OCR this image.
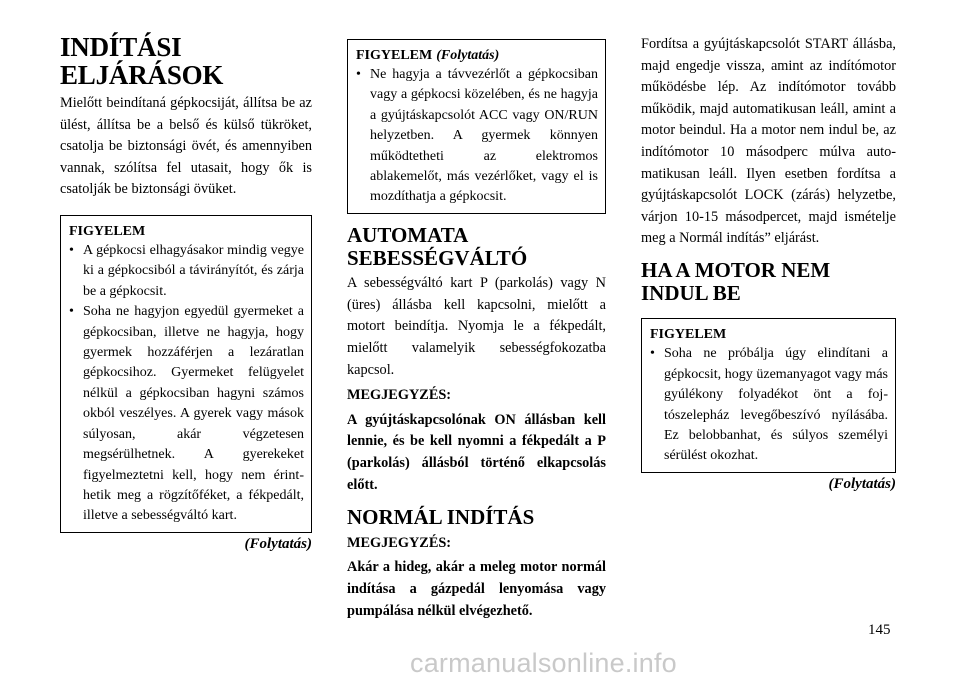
INDÍTÁSI ELJÁRÁSOK

Mielőtt beindítaná gépkocsiját, állítsa be az ülést, állítsa be a belső és külső tükröket, csatolja be biztonsági övét, és amennyiben vannak, szólítsa fel utasait, hogy ők is csatolják be biztonsági övüket.

FIGYELEM
• A gépkocsi elhagyásakor mindig vegye ki a gépkocsiból a távirányítót, és zárja be a gépkocsit.
• Soha ne hagyjon egyedül gyermeket a gépkocsiban, illetve ne hagyja, hogy gyermek hozzáférjen a lezáratlan gépkocsihoz. Gyermeket felügyelet nélkül a gépkocsiban hagyni számos okból veszélyes. A gyerek vagy mások súlyosan, akár végzetesen megsérülhetnek. A gyerekeket figyelmeztetni kell, hogy nem érinthetik meg a rögzítőféket, a fékpedált, illetve a sebességváltó kart.
(Folytatás)
FIGYELEM (Folytatás)
• Ne hagyja a távvezérlőt a gépkocsiban vagy a gépkocsi közelében, és ne hagyja a gyújtáskapcsolót ACC vagy ON/RUN helyzetben. A gyermek könnyen működtetheti az elektromos ablakemelőt, más vezérlőket, vagy el is mozdíthatja a gépkocsit.
AUTOMATA SEBESSÉGVÁLTÓ

A sebességváltó kart P (parkolás) vagy N (üres) állásba kell kapcsolni, mielőtt a motort beindítja. Nyomja le a fékpedált, mielőtt valamelyik sebességfokozatba kapcsol.

MEGJEGYZÉS:

A gyújtáskapcsolónak ON állásban kell lennie, és be kell nyomni a fékpedált a P (parkolás) állásból történő elkapcsolás előtt.

NORMÁL INDÍTÁS
MEGJEGYZÉS:

Akár a hideg, akár a meleg motor normál indítása a gázpedál lenyomása vagy pumpálása nélkül elvégezhető.

Fordítsa a gyújtáskapcsolót START állásba, majd engedje vissza, amint az indítómotor működésbe lép. Az indítómotor tovább működik, majd automatikusan leáll, amint a motor beindul. Ha a motor nem indul be, az indítómotor 10 másodperc múlva automatikusan leáll. Ilyen esetben fordítsa a gyújtáskapcsolót LOCK (zárás) helyzetbe, várjon 10-15 másodpercet, majd ismételje meg a Normál indítás” eljárást.

HA A MOTOR NEM INDUL BE
FIGYELEM
• Soha ne próbálja úgy elindítani a gépkocsit, hogy üzemanyagot vagy más gyúlékony folyadékot önt a fojtószelepház levegőbeszívó nyílásába. Ez belobbanhat, és súlyos személyi sérülést okozhat.
(Folytatás)
145
carmanualsonline.info
